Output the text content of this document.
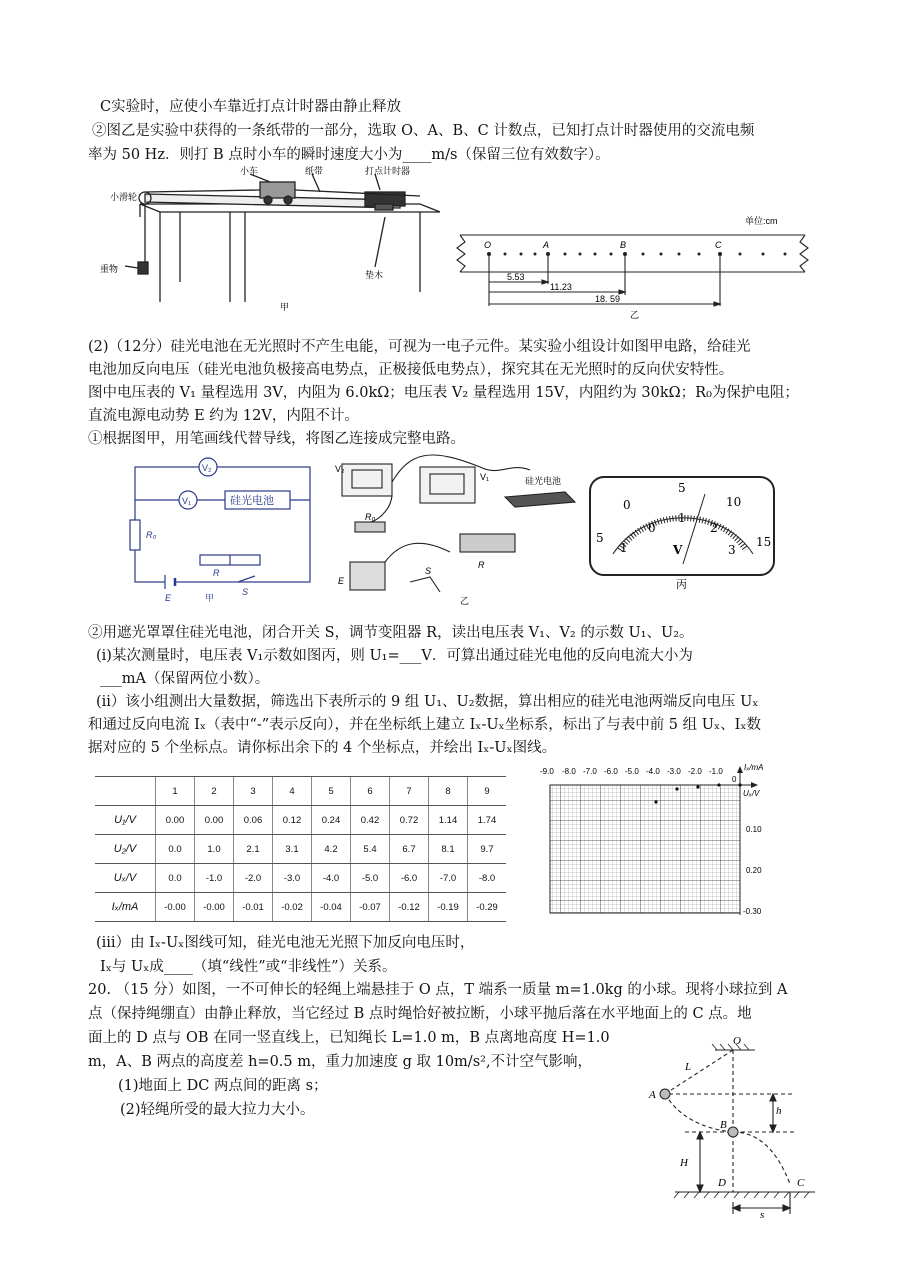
C实验时，应使小车靠近打点计时器由静止释放
②图乙是实验中获得的一条纸带的一部分，选取 O、A、B、C 计数点，已知打点计时器使用的交流电频
率为 50 Hz．则打 B 点时小车的瞬时速度大小为____m/s（保留三位有效数字）。
小滑轮
小车	纸带	打点计时器
重物
垫木
甲
单位:cm
O	A	B	C
5.53
11.23
18. 59
乙
(2)（12分）硅光电池在无光照时不产生电能，可视为一电子元件。某实验小组设计如图甲电路，给硅光
电池加反向电压（硅光电池负极接高电势点，正极接低电势点），探究其在无光照时的反向伏安特性。
图中电压表的 V₁ 量程选用 3V，内阻为 6.0kΩ；电压表 V₂ 量程选用 15V，内阻约为 30kΩ；R₀为保护电阻；
直流电源电动势 E 约为 12V，内阻不计。
①根据图甲，用笔画线代替导线，将图乙连接成完整电路。
V₂
V₁	硅光电池
R₀
R
E
S
甲
V₂
V₁	硅光电池
R₀
R
E
S
乙
0
5
10
15
0
1
2
3
V
5
1
丙
②用遮光罩罩住硅光电池，闭合开关 S，调节变阻器 R，读出电压表 V₁、V₂ 的示数 U₁、U₂。
(i)某次测量时，电压表 V₁示数如图丙，则 U₁=___V．可算出通过硅光电他的反向电流大小为
___mA（保留两位小数）。
(ii）该小组测出大量数据，筛选出下表所示的 9 组 U₁、U₂数据，算出相应的硅光电池两端反向电压 Uₓ
和通过反向电流 Iₓ（表中“-”表示反向），并在坐标纸上建立 Iₓ-Uₓ坐标系，标出了与表中前 5 组 Uₓ、Iₓ数
据对应的 5 个坐标点。请你标出余下的 4 个坐标点，并绘出 Iₓ-Uₓ图线。
	1	2	3	4	5	6	7	8	9
U₁/V	0.00	0.00	0.06	0.12	0.24	0.42	0.72	1.14	1.74
U₂/V	0.0	1.0	2.1	3.1	4.2	5.4	6.7	8.1	9.7
Uₓ/V	0.0	-1.0	-2.0	-3.0	-4.0	-5.0	-6.0	-7.0	-8.0
Iₓ/mA	-0.00	-0.00	-0.01	-0.02	-0.04	-0.07	-0.12	-0.19	-0.29
-9.0 -8.0 -7.0 -6.0 -5.0 -4.0 -3.0 -2.0 -1.0
0
0.10
0.20
-0.30
Iₓ/mA
Uₓ/V
(iii）由 Iₓ-Uₓ图线可知，硅光电池无光照下加反向电压时，
Iₓ与 Uₓ成____（填“线性”或“非线性”）关系。
20. （15 分）如图，一不可伸长的轻绳上端悬挂于 O 点，T 端系一质量 m=1.0kg 的小球。现将小球拉到 A
点（保持绳绷直）由静止释放，当它经过 B 点时绳恰好被拉断，小球平抛后落在水平地面上的 C 点。地
面上的 D 点与 OB 在同一竖直线上，已知绳长 L=1.0 m，B 点离地高度 H=1.0
m，A、B 两点的高度差 h=0.5 m，重力加速度 g 取 10m/s²,不计空气影响，
(1)地面上 DC 两点间的距离 s；
(2)轻绳所受的最大拉力大小。
O
L
A
h
B
H
D	C
s
